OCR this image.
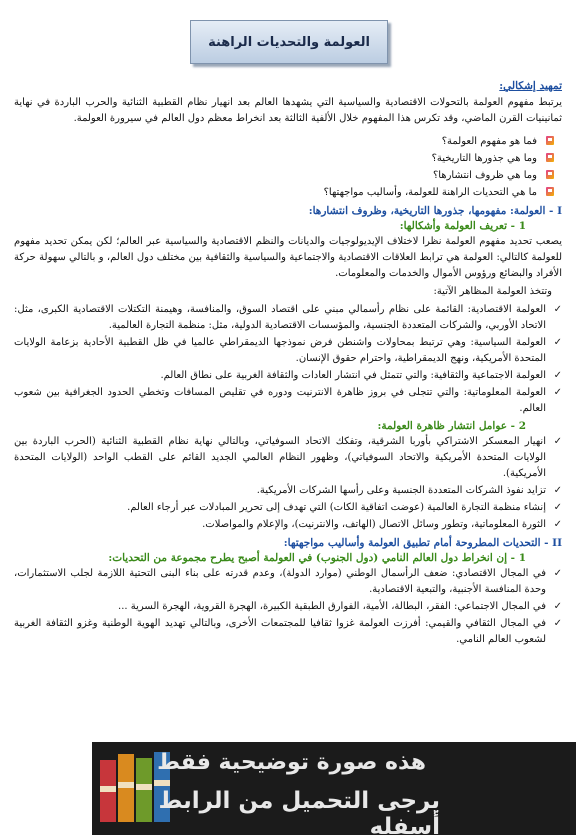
العولمة والتحديات الراهنة
تمهيد إشكالي:

يرتبط مفهوم العولمة بالتحولات الاقتصادية والسياسية التي يشهدها العالم بعد انهيار نظام القطبية الثنائية والحرب الباردة في نهاية ثمانينيات القرن الماضي، وقد تكرس هذا المفهوم خلال الألفية الثالثة بعد انخراط معظم دول العالم في سيرورة العولمة.

فما هو مفهوم العولمة؟
وما هي جذورها التاريخية؟
وما هي ظروف انتشارها؟
ما هي التحديات الراهنة للعولمة، وأساليب مواجهتها؟
I - العولمة: مفهومها، جذورها التاريخية، وظروف انتشارها:
1 - تعريف العولمة وأشكالها:

يصعب تحديد مفهوم العولمة نظرا لاختلاف الإيديولوجيات والديانات والنظم الاقتصادية والسياسية عبر العالم؛ لكن يمكن تحديد مفهوم للعولمة كالتالي: العولمة هي ترابط العلاقات الاقتصادية والاجتماعية والسياسية والثقافية بين مختلف دول العالم، و بالتالي سهولة حركة الأفراد والبضائع ورؤوس الأموال والخدمات والمعلومات.

وتتخذ العولمة المظاهر الآتية:

✓
العولمة الاقتصادية: القائمة على نظام رأسمالي مبني على اقتصاد السوق، والمنافسة، وهيمنة التكتلات الاقتصادية الكبرى، مثل: الاتحاد الأوربي، والشركات المتعددة الجنسية، والمؤسسات الاقتصادية الدولية، مثل: منظمة التجارة العالمية.
✓
العولمة السياسية: وهي ترتبط بمحاولات واشنطن فرض نموذجها الديمقراطي عالميا في ظل القطبية الأحادية بزعامة الولايات المتحدة الأمريكية، ونهج الديمقراطية، واحترام حقوق الإنسان.
✓
العولمة الاجتماعية والثقافية: والتي تتمثل في انتشار العادات والثقافة الغربية على نطاق العالم.
✓
العولمة المعلوماتية: والتي تتجلى في بروز ظاهرة الانترنيت ودوره في تقليص المسافات وتخطي الحدود الجغرافية بين شعوب العالم.
2 - عوامل انتشار ظاهرة العولمة:
✓
انهيار المعسكر الاشتراكي بأوربا الشرقية، وتفكك الاتحاد السوفياتي، وبالتالي نهاية نظام القطبية الثنائية (الحرب الباردة بين الولايات المتحدة الأمريكية والاتحاد السوفياتي)، وظهور النظام العالمي الجديد القائم على القطب الواحد (الولايات المتحدة الأمريكية).
✓
تزايد نفوذ الشركات المتعددة الجنسية وعلى رأسها الشركات الأمريكية.
✓
إنشاء منظمة التجارة العالمية (عوضت اتفاقية الكات) التي تهدف إلى تحرير المبادلات عبر أرجاء العالم.
✓
الثورة المعلوماتية، وتطور وسائل الاتصال (الهاتف، والانترنيت)، والإعلام والمواصلات.
II - التحديات المطروحة أمام تطبيق العولمة وأساليب مواجهتها:
1 - إن انخراط دول العالم النامي (دول الجنوب) في العولمة أصبح يطرح مجموعة من التحديات:
✓
في المجال الاقتصادي: ضعف الرأسمال الوطني (موارد الدولة)، وعدم قدرته على بناء البنى التحتية اللازمة لجلب الاستثمارات، وحدة المنافسة الأجنبية، والتبعية الاقتصادية.
✓
في المجال الاجتماعي: الفقر، البطالة، الأمية، الفوارق الطبقية الكبيرة، الهجرة القروية، الهجرة السرية ...
✓
في المجال الثقافي والقيمي: أفرزت العولمة غزوا ثقافيا للمجتمعات الأخرى، وبالتالي تهديد الهوية الوطنية وغزو الثقافة الغربية لشعوب العالم النامي.
هذه صورة توضيحية فقط
يرجى التحميل من الرابط أسفله
